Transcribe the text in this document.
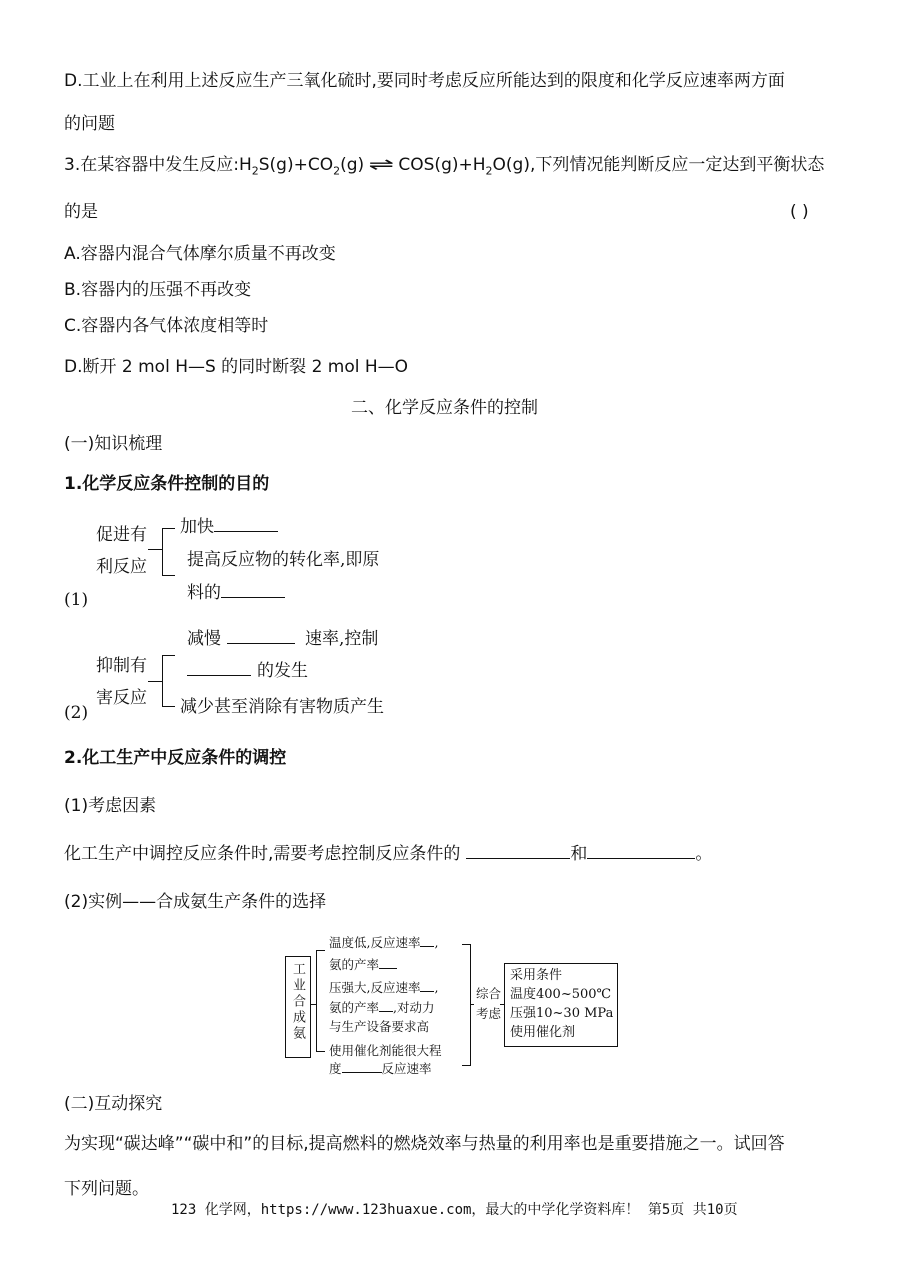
D.工业上在利用上述反应生产三氧化硫时,要同时考虑反应所能达到的限度和化学反应速率两方面
的问题
3.在某容器中发生反应$:H_2S(g)+CO_2(g)$ ⇌ $COS(g)+H_2O(g)$,下列情况能判断反应一定达到平衡状态
的是	( )
A.容器内混合气体摩尔质量不再改变
B.容器内的压强不再改变
C.容器内各气体浓度相等时
D.断开 2 mol H—S 的同时断裂 2 mol H—O
二、化学反应条件的控制
(一)知识梳理
1.化学反应条件控制的目的
促进有
利反应
加快
提高反应物的转化率,即原
料的
(1)
减慢	速率,控制
抑制有
害反应
的发生
减少甚至消除有害物质产生
(2)
2.化工生产中反应条件的调控
(1)考虑因素
化工生产中调控反应条件时,需要考虑控制反应条件的	和	。
(2)实例——合成氨生产条件的选择
工业合成氨
温度低,反应速率 ,
氨的产率
压强大,反应速率 ,
氨的产率 ,对动力
与生产设备要求高
使用催化剂能很大程
度	反应速率
综合
考虑
采用条件
温度400~500℃
压强10~30 MPa
使用催化剂
(二)互动探究
为实现“碳达峰”“碳中和”的目标,提高燃料的燃烧效率与热量的利用率也是重要措施之一。试回答
下列问题。
123 化学网，https://www.123huaxue.com，最大的中学化学资料库！ 第5页 共10页
